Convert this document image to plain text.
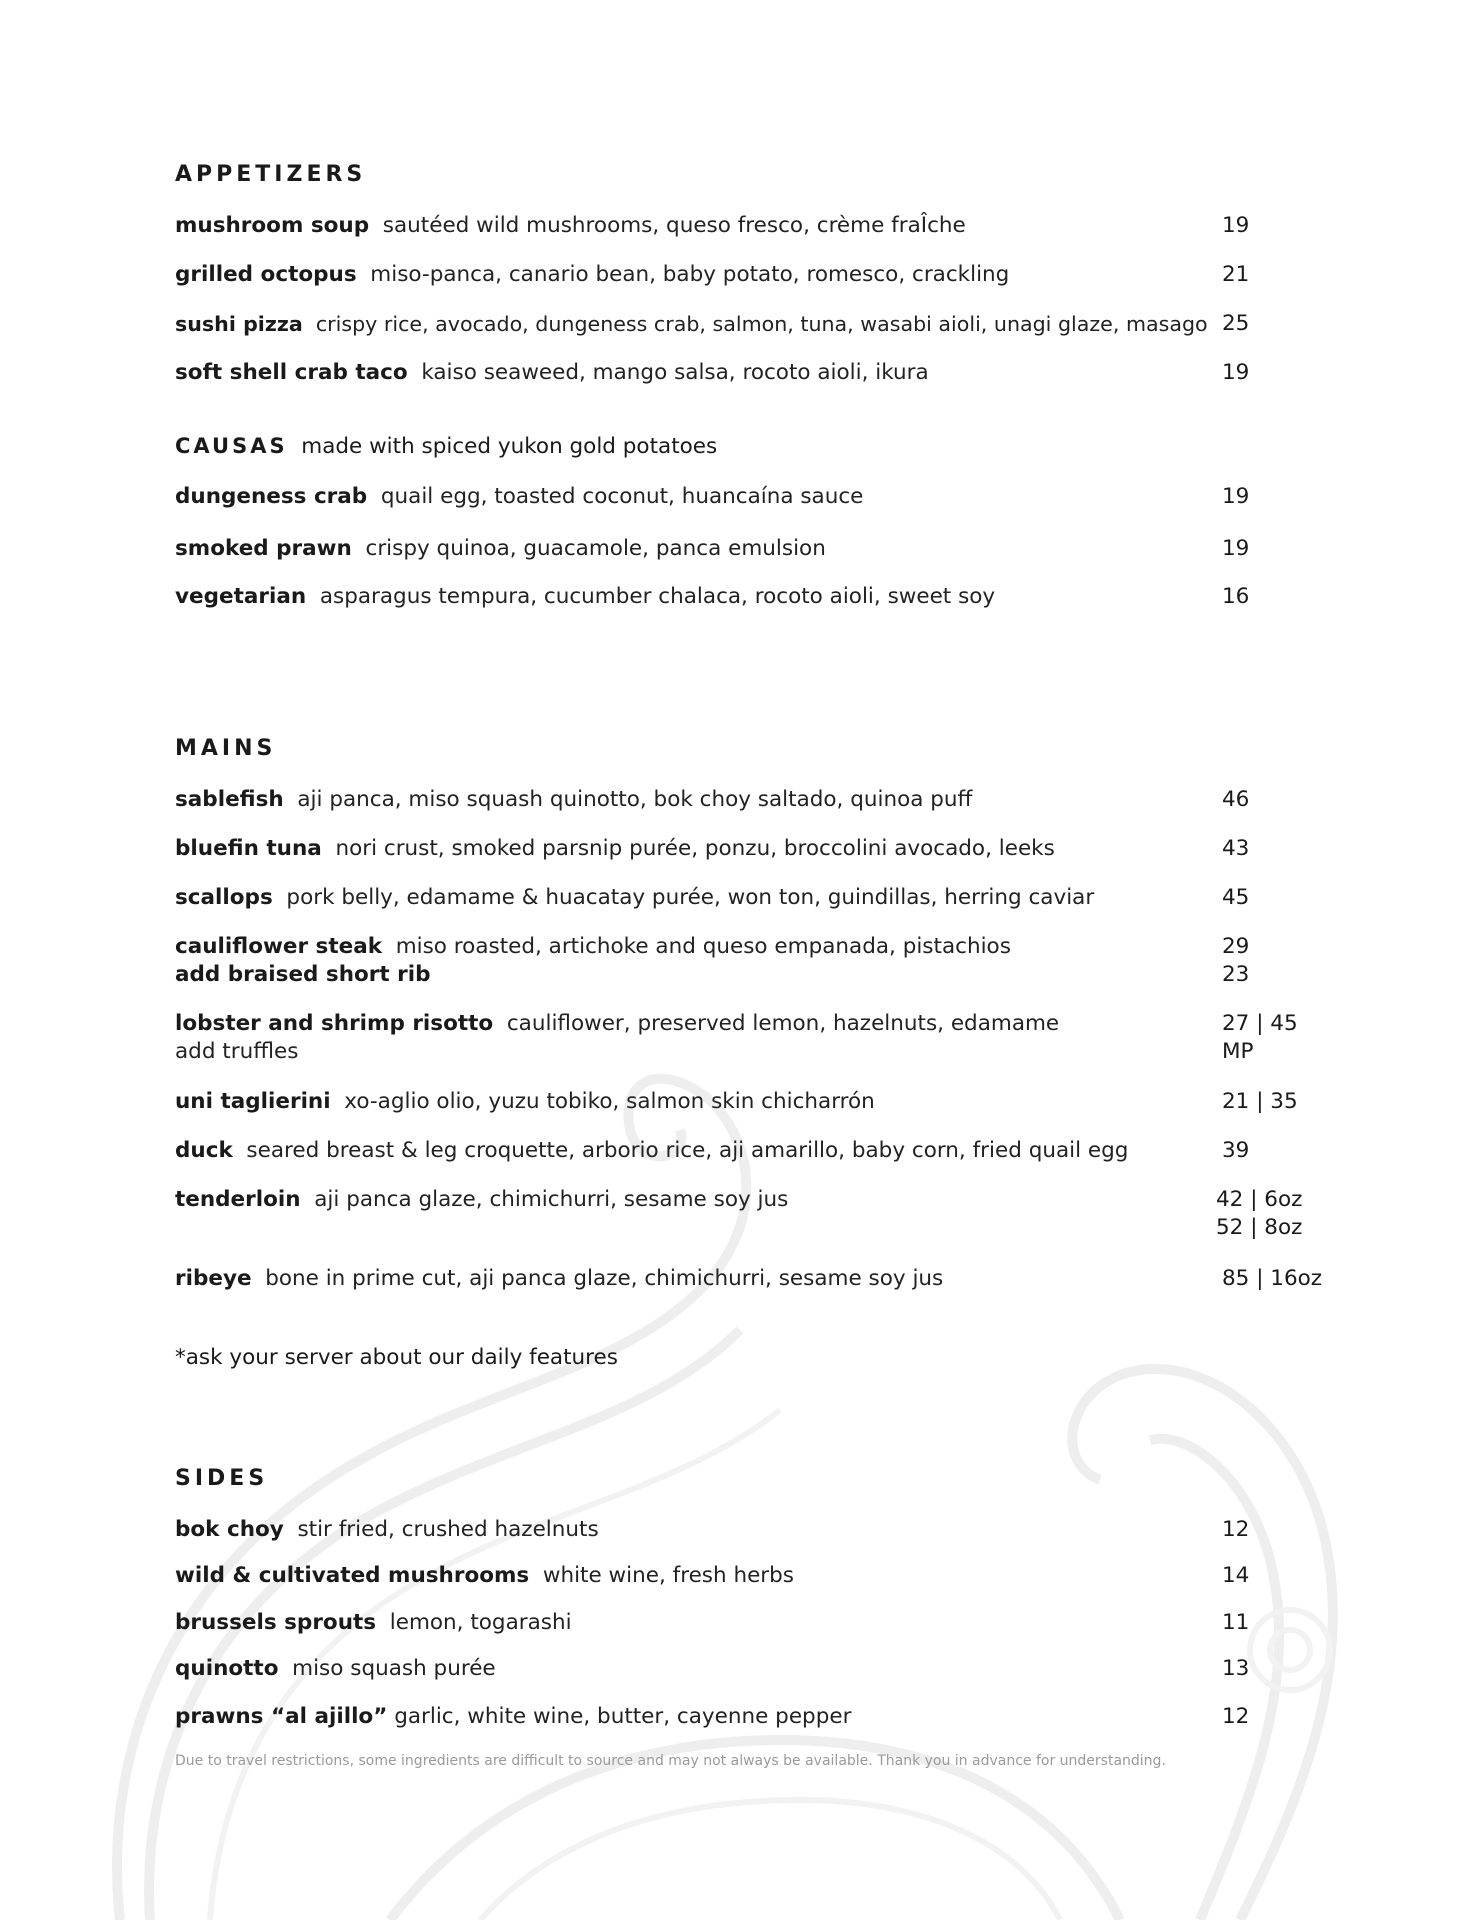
APPETIZERS
mushroom soup sautéed wild mushrooms, queso fresco, crème fraÎche	19
grilled octopus miso-panca, canario bean, baby potato, romesco, crackling	21
sushi pizza crispy rice, avocado, dungeness crab, salmon, tuna, wasabi aioli, unagi glaze, masago 25
soft shell crab taco kaiso seaweed, mango salsa, rocoto aioli, ikura	19
CAUSAS made with spiced yukon gold potatoes
dungeness crab quail egg, toasted coconut, huancaína sauce	19
smoked prawn crispy quinoa, guacamole, panca emulsion	19
vegetarian asparagus tempura, cucumber chalaca, rocoto aioli, sweet soy	16
MAINS
sablefish aji panca, miso squash quinotto, bok choy saltado, quinoa puff	46
bluefin tuna nori crust, smoked parsnip purée, ponzu, broccolini avocado, leeks	43
scallops pork belly, edamame & huacatay purée, won ton, guindillas, herring caviar	45
cauliflower steak miso roasted, artichoke and queso empanada, pistachios	29
add braised short rib	23
lobster and shrimp risotto cauliflower, preserved lemon, hazelnuts, edamame	27 | 45
add truffles	MP
uni taglierini xo-aglio olio, yuzu tobiko, salmon skin chicharrón	21 | 35
duck seared breast & leg croquette, arborio rice, aji amarillo, baby corn, fried quail egg	39
tenderloin aji panca glaze, chimichurri, sesame soy jus	42 | 6oz
52 | 8oz
ribeye bone in prime cut, aji panca glaze, chimichurri, sesame soy jus	85 | 16oz
*ask your server about our daily features
SIDES
bok choy stir fried, crushed hazelnuts	12
wild & cultivated mushrooms white wine, fresh herbs	14
brussels sprouts lemon, togarashi	11
quinotto miso squash purée	13
prawns “al ajillo” garlic, white wine, butter, cayenne pepper	12
Due to travel restrictions, some ingredients are difficult to source and may not always be available. Thank you in advance for understanding.
